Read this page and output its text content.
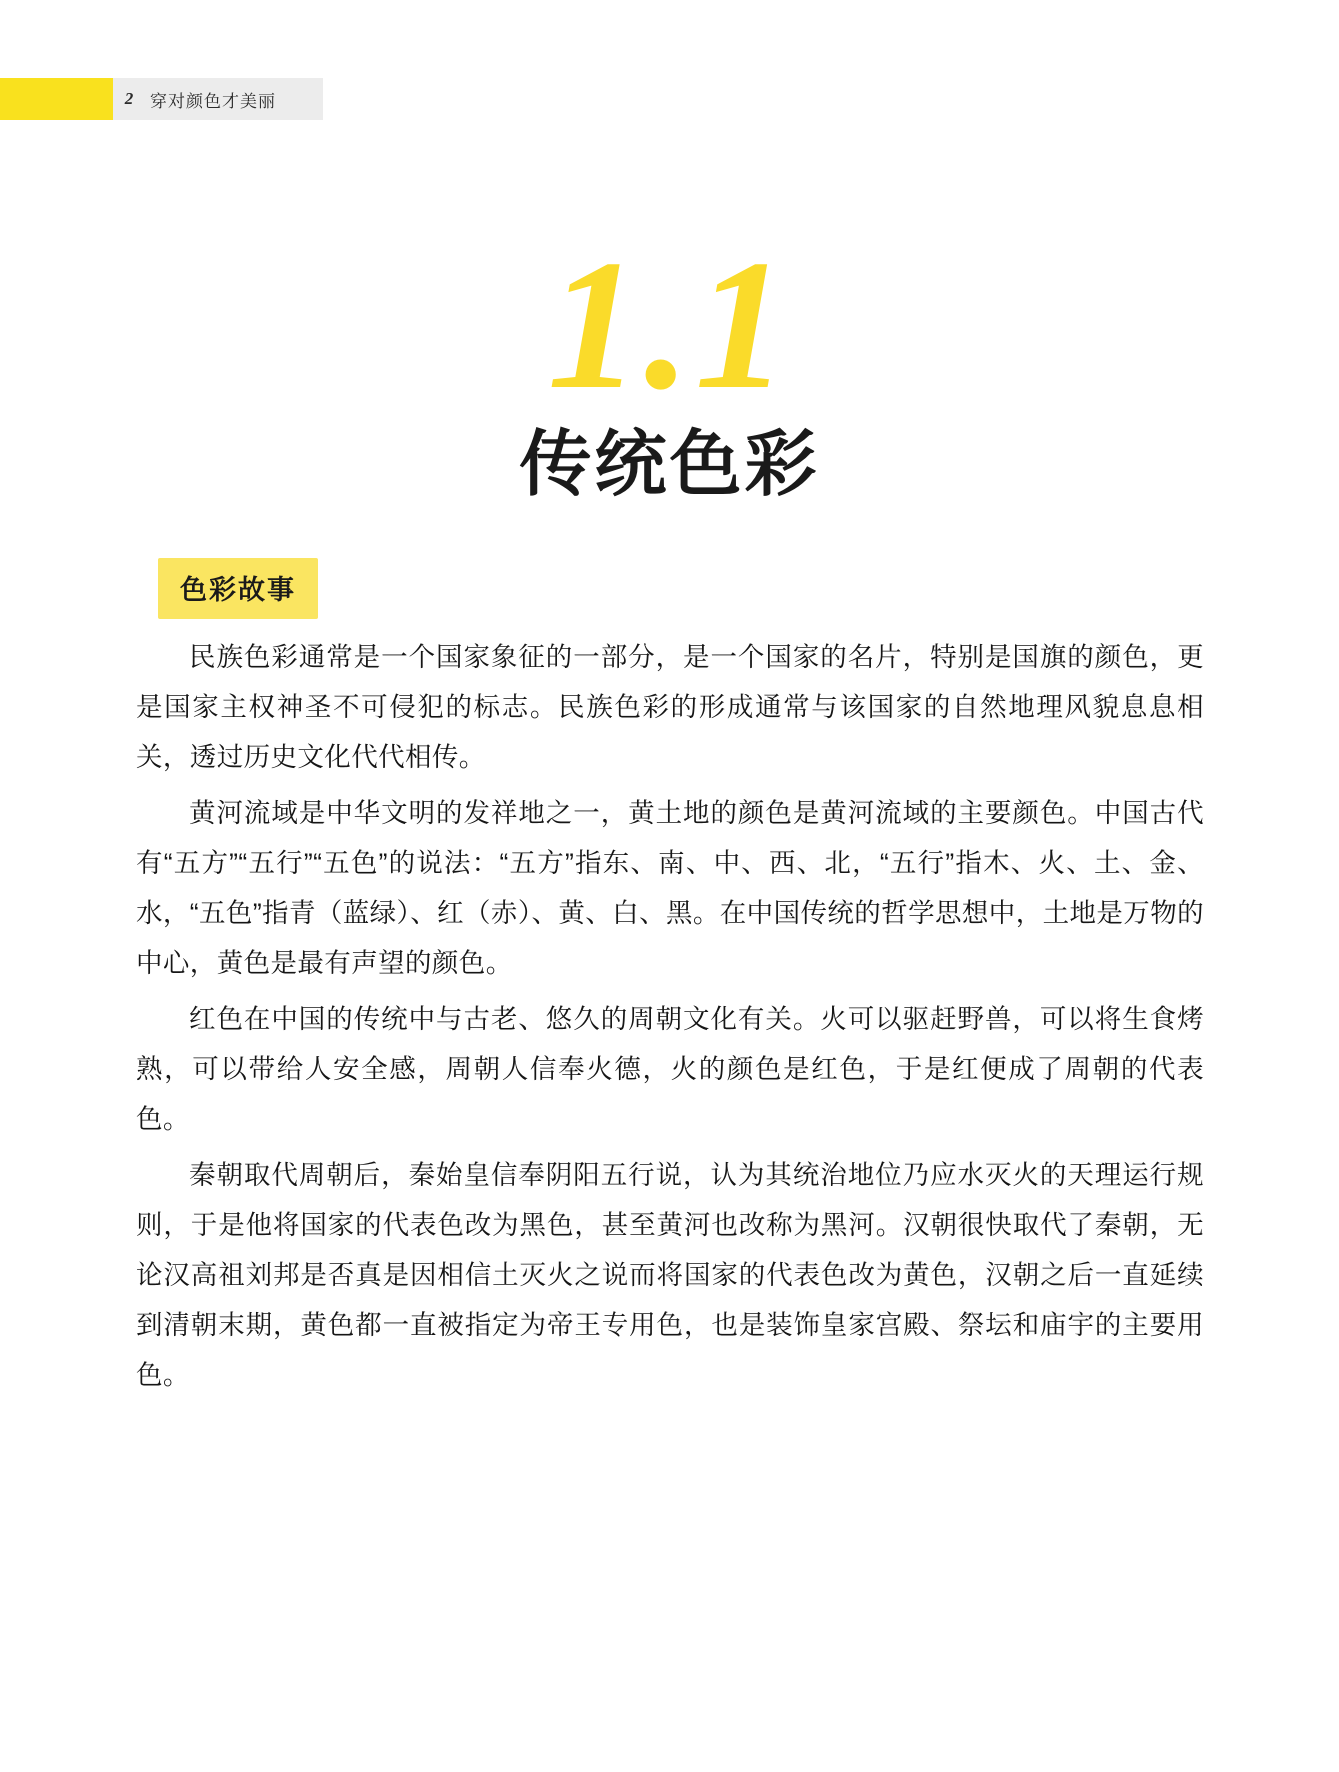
2 穿对颜色才美丽
1.1
传统色彩
色彩故事

民族色彩通常是一个国家象征的一部分，是一个国家的名片，特别是国旗的颜色，更是国家主权神圣不可侵犯的标志。民族色彩的形成通常与该国家的自然地理风貌息息相关，透过历史文化代代相传。

黄河流域是中华文明的发祥地之一，黄土地的颜色是黄河流域的主要颜色。中国古代有“五方”“五行”“五色”的说法：“五方”指东、南、中、西、北，“五行”指木、火、土、金、水，“五色”指青（蓝绿）、红（赤）、黄、白、黑。在中国传统的哲学思想中，土地是万物的中心，黄色是最有声望的颜色。

红色在中国的传统中与古老、悠久的周朝文化有关。火可以驱赶野兽，可以将生食烤熟，可以带给人安全感，周朝人信奉火德，火的颜色是红色，于是红便成了周朝的代表色。

秦朝取代周朝后，秦始皇信奉阴阳五行说，认为其统治地位乃应水灭火的天理运行规则，于是他将国家的代表色改为黑色，甚至黄河也改称为黑河。汉朝很快取代了秦朝，无论汉高祖刘邦是否真是因相信土灭火之说而将国家的代表色改为黄色，汉朝之后一直延续到清朝末期，黄色都一直被指定为帝王专用色，也是装饰皇家宫殿、祭坛和庙宇的主要用色。
